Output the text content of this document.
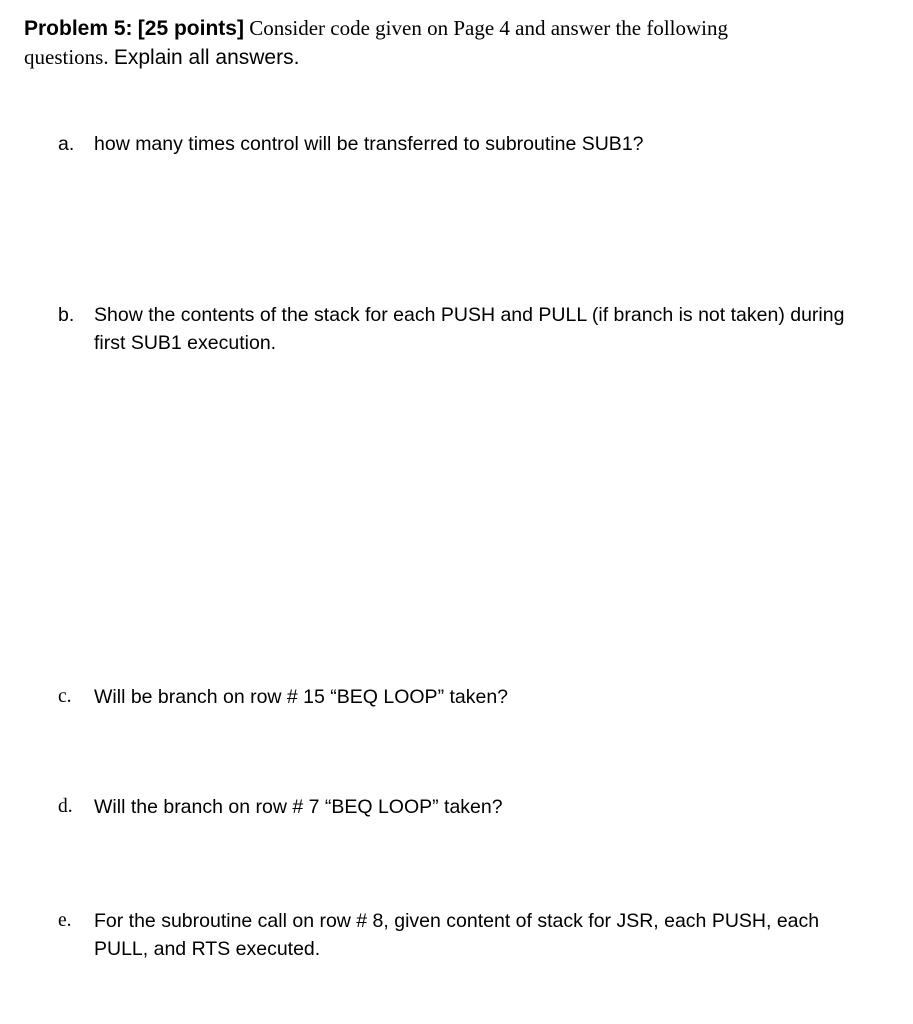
Problem 5: [25 points] Consider code given on Page 4 and answer the following
questions. Explain all answers.
a.	how many times control will be transferred to subroutine SUB1?
b.	Show the contents of the stack for each PUSH and PULL (if branch is not taken) during first SUB1 execution.
c.	Will be branch on row # 15 “BEQ LOOP” taken?
d.	Will the branch on row # 7 “BEQ LOOP” taken?
e.	For the subroutine call on row # 8, given content of stack for JSR, each PUSH, each PULL, and RTS executed.
